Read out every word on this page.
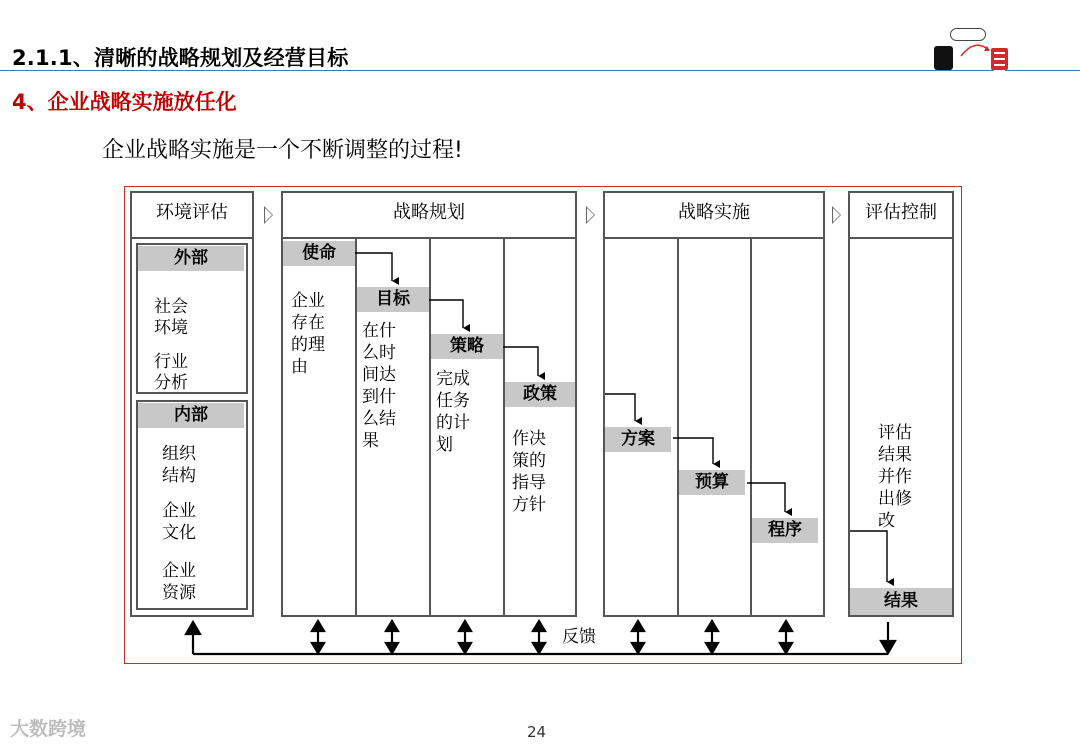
2.1.1、清晰的战略规划及经营目标
4、企业战略实施放任化
企业战略实施是一个不断调整的过程!
环境评估	战略规划	战略实施	评估控制
外部
社会环境
行业分析
内部
组织结构
企业文化
企业资源
使命
企业存在的理由
目标
在什么时间达到什么结果
策略
完成任务的计划
政策
作决策的指导方针
方案
预算
程序
评估结果并作出修改
结果
反馈
24
大数跨境
